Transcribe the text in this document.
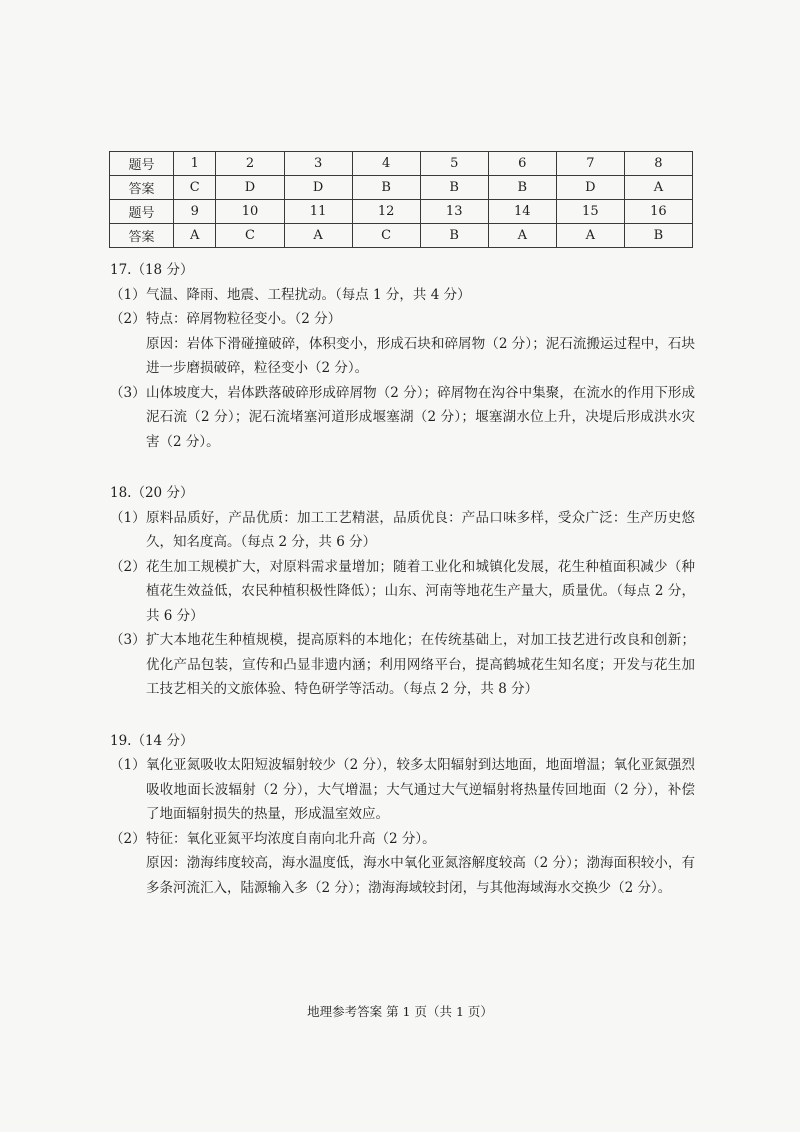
题号	1	2	3	4	5	6	7	8
答案	C	D	D	B	B	B	D	A
题号	9	10	11	12	13	14	15	16
答案	A	C	A	C	B	A	A	B

17.（18 分）

（1） 气温、降雨、地震、工程扰动。（每点 1 分，共 4 分）

（2） 特点：碎屑物粒径变小。（2 分）

原因：岩体下滑碰撞破碎，体积变小，形成石块和碎屑物（2 分）；泥石流搬运过程中，石块进一步磨损破碎，粒径变小（2 分）。

（3） 山体坡度大，岩体跌落破碎形成碎屑物（2 分）；碎屑物在沟谷中集聚，在流水的作用下形成泥石流（2 分）；泥石流堵塞河道形成堰塞湖（2 分）；堰塞湖水位上升，决堤后形成洪水灾害（2 分）。

18.（20 分）

（1） 原料品质好，产品优质：加工工艺精湛，品质优良：产品口味多样，受众广泛：生产历史悠久，知名度高。（每点 2 分，共 6 分）

（2） 花生加工规模扩大，对原料需求量增加；随着工业化和城镇化发展，花生种植面积减少（种植花生效益低，农民种植积极性降低）；山东、河南等地花生产量大，质量优。（每点 2 分，共 6 分）

（3） 扩大本地花生种植规模，提高原料的本地化；在传统基础上，对加工技艺进行改良和创新；优化产品包装，宣传和凸显非遗内涵；利用网络平台，提高鹤城花生知名度；开发与花生加工技艺相关的文旅体验、特色研学等活动。（每点 2 分，共 8 分）

19.（14 分）

（1） 氧化亚氮吸收太阳短波辐射较少（2 分），较多太阳辐射到达地面，地面增温；氧化亚氮强烈吸收地面长波辐射（2 分），大气增温；大气通过大气逆辐射将热量传回地面（2 分），补偿了地面辐射损失的热量，形成温室效应。

（2） 特征：氧化亚氮平均浓度自南向北升高（2 分）。

原因：渤海纬度较高，海水温度低，海水中氧化亚氮溶解度较高（2 分）；渤海面积较小，有多条河流汇入，陆源输入多（2 分）；渤海海域较封闭，与其他海域海水交换少（2 分）。

地理参考答案 第 1 页（共 1 页）
